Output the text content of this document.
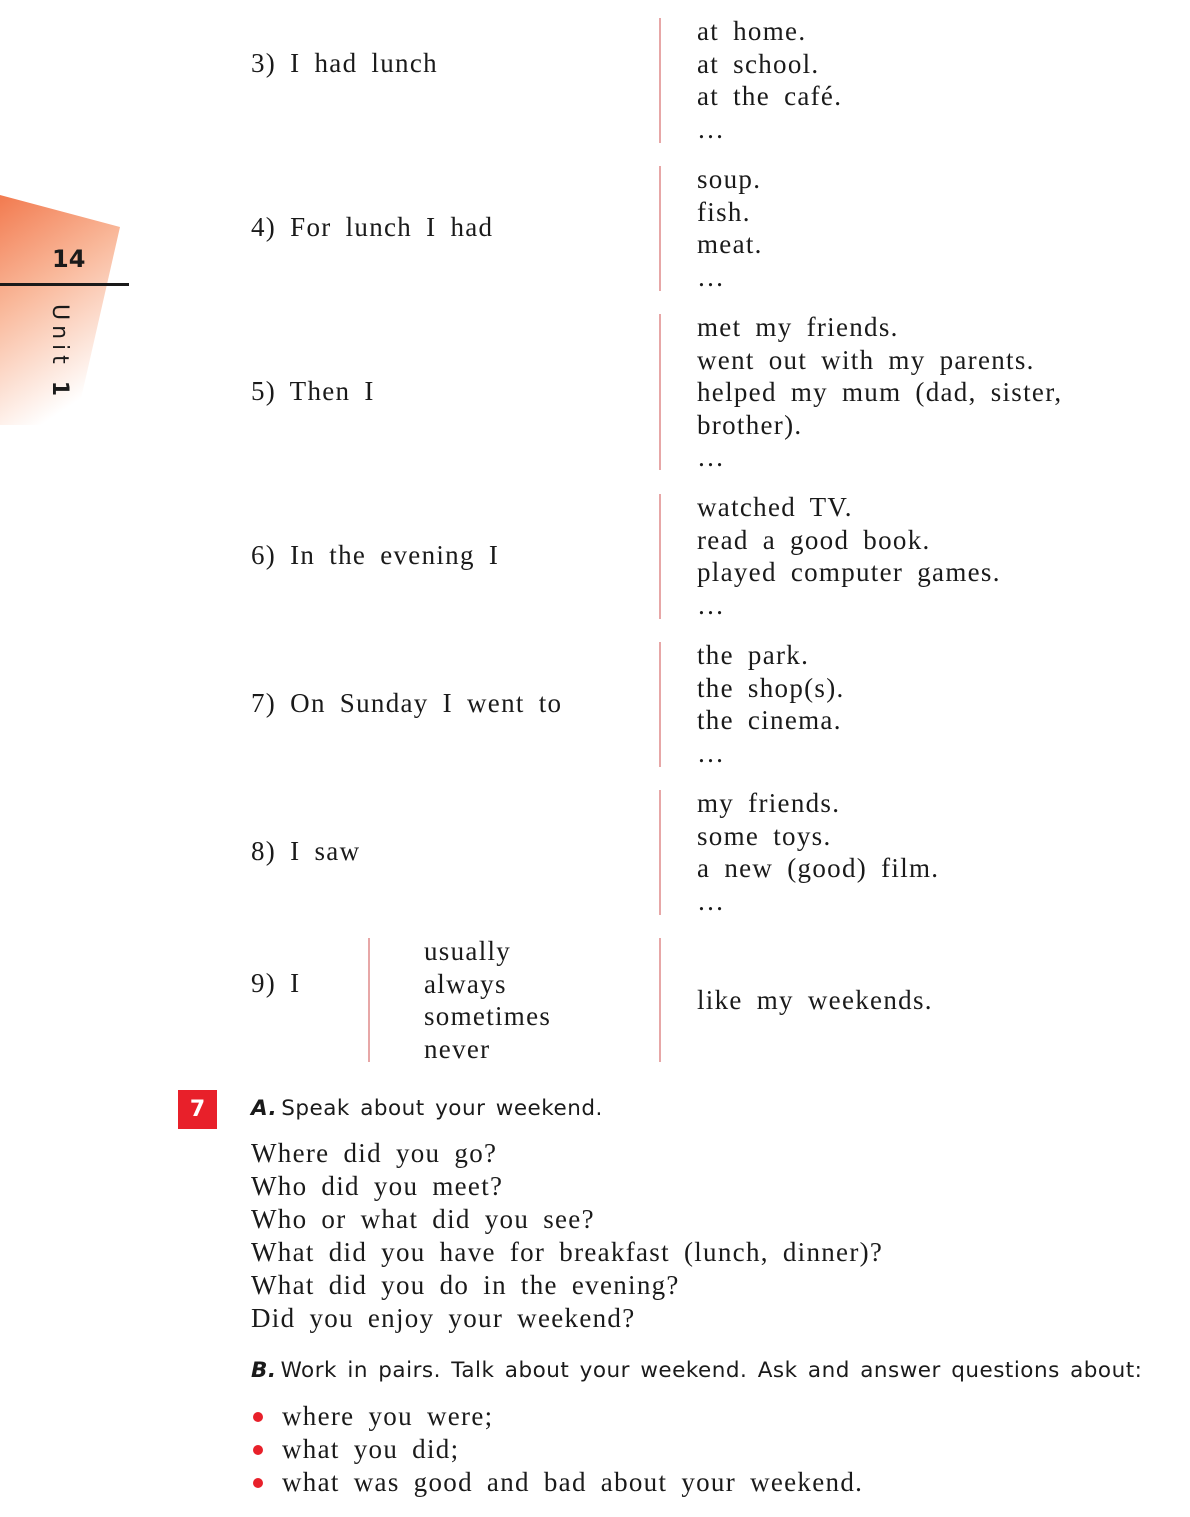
14
Unit 1
3) I had lunch
at home.
at school.
at the café.
…
4) For lunch I had
soup.
fish.
meat.
…
5) Then I
met my friends.
went out with my parents.
helped my mum (dad, sister,
brother).
…
6) In the evening I
watched TV.
read a good book.
played computer games.
…
7) On Sunday I went to
the park.
the shop(s).
the cinema.
…
8) I saw
my friends.
some toys.
a new (good) film.
…
9) I
usually
always
sometimes
never
like my weekends.
7	A. Speak about your weekend.
Where did you go?
Who did you meet?
Who or what did you see?
What did you have for breakfast (lunch, dinner)?
What did you do in the evening?
Did you enjoy your weekend?
B. Work in pairs. Talk about your weekend. Ask and answer questions about:
where you were;
what you did;
what was good and bad about your weekend.
